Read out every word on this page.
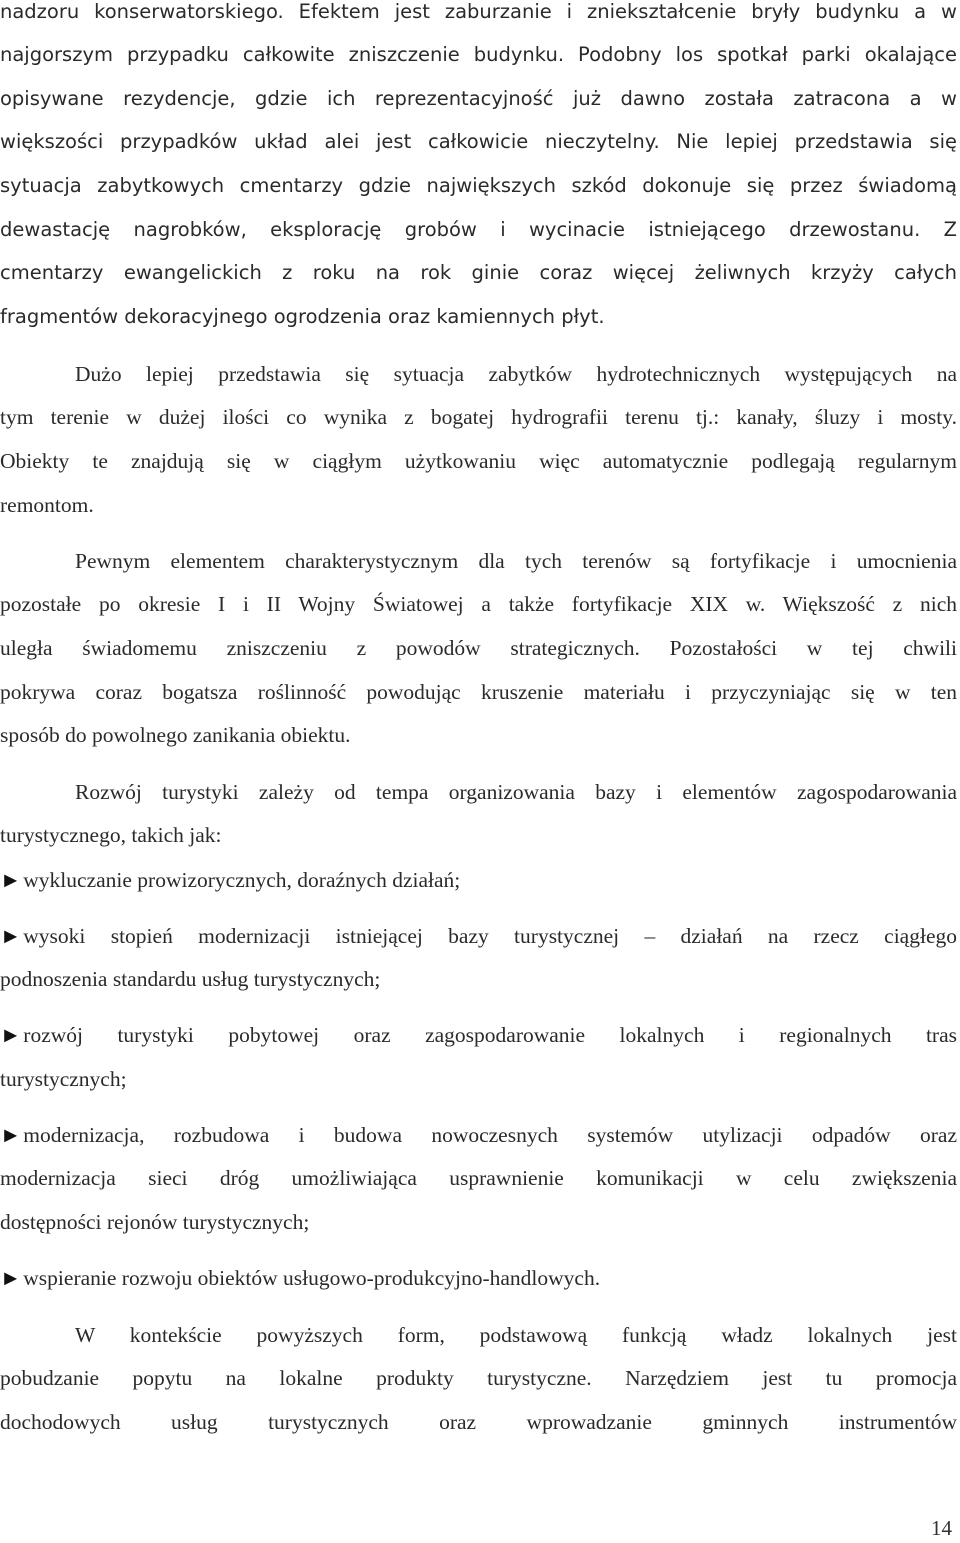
nadzoru konserwatorskiego. Efektem jest zaburzanie i zniekształcenie bryły budynku a w
najgorszym przypadku całkowite zniszczenie budynku. Podobny los spotkał parki okalające
opisywane rezydencje, gdzie ich reprezentacyjność już dawno została zatracona a w
większości przypadków układ alei jest całkowicie nieczytelny. Nie lepiej przedstawia się
sytuacja zabytkowych cmentarzy gdzie największych szkód dokonuje się przez świadomą
dewastację nagrobków, eksplorację grobów i wycinacie istniejącego drzewostanu. Z
cmentarzy ewangelickich z roku na rok ginie coraz więcej żeliwnych krzyży całych
fragmentów dekoracyjnego ogrodzenia oraz kamiennych płyt.
Dużo lepiej przedstawia się sytuacja zabytków hydrotechnicznych występujących na
tym terenie w dużej ilości co wynika z bogatej hydrografii terenu tj.: kanały, śluzy i mosty.
Obiekty te znajdują się w ciągłym użytkowaniu więc automatycznie podlegają regularnym
remontom.
Pewnym elementem charakterystycznym dla tych terenów są fortyfikacje i umocnienia
pozostałe po okresie I i II Wojny Światowej a także fortyfikacje XIX w. Większość z nich
uległa świadomemu zniszczeniu z powodów strategicznych. Pozostałości w tej chwili
pokrywa coraz bogatsza roślinność powodując kruszenie materiału i przyczyniając się w ten
sposób do powolnego zanikania obiektu.
Rozwój turystyki zależy od tempa organizowania bazy i elementów zagospodarowania
turystycznego, takich jak:
►wykluczanie prowizorycznych, doraźnych działań;
►wysoki stopień modernizacji istniejącej bazy turystycznej – działań na rzecz ciągłego
podnoszenia standardu usług turystycznych;
►rozwój turystyki pobytowej oraz zagospodarowanie lokalnych i regionalnych tras
turystycznych;
►modernizacja, rozbudowa i budowa nowoczesnych systemów utylizacji odpadów oraz
modernizacja sieci dróg umożliwiająca usprawnienie komunikacji w celu zwiększenia
dostępności rejonów turystycznych;
►wspieranie rozwoju obiektów usługowo-produkcyjno-handlowych.
W kontekście powyższych form, podstawową funkcją władz lokalnych jest
pobudzanie popytu na lokalne produkty turystyczne. Narzędziem jest tu promocja
dochodowych usług turystycznych oraz wprowadzanie gminnych instrumentów
14
